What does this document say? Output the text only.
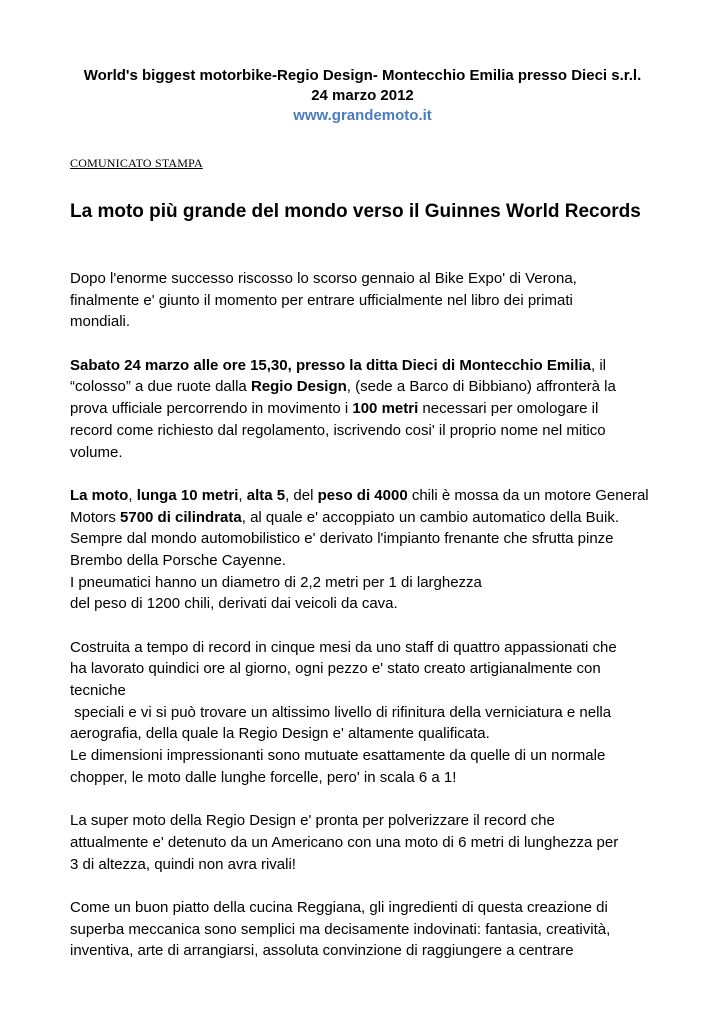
World's biggest motorbike-Regio Design- Montecchio Emilia presso Dieci s.r.l.
24 marzo 2012
www.grandemoto.it
COMUNICATO STAMPA
La moto più grande del mondo verso il Guinnes World Records
Dopo l'enorme successo riscosso lo scorso gennaio al Bike Expo' di Verona,
finalmente e' giunto il momento per entrare ufficialmente nel libro dei primati
mondiali.
Sabato 24 marzo alle ore 15,30, presso la ditta Dieci di Montecchio Emilia, il
“colosso” a due ruote dalla Regio Design, (sede a Barco di Bibbiano) affronterà la
prova ufficiale percorrendo in movimento i 100 metri necessari per omologare il
record come richiesto dal regolamento, iscrivendo cosi' il proprio nome nel mitico
volume.
La moto, lunga 10 metri, alta 5, del peso di 4000 chili è mossa da un motore General
Motors 5700 di cilindrata, al quale e' accoppiato un cambio automatico della Buik.
Sempre dal mondo automobilistico e' derivato l'impianto frenante che sfrutta pinze
Brembo della Porsche Cayenne.
I pneumatici hanno un diametro di 2,2 metri per 1 di larghezza
del peso di 1200 chili, derivati dai veicoli da cava.
Costruita a tempo di record in cinque mesi da uno staff di quattro appassionati che
ha lavorato quindici ore al giorno, ogni pezzo e' stato creato artigianalmente con
tecniche
speciali e vi si può trovare un altissimo livello di rifinitura della verniciatura e nella
aerografia, della quale la Regio Design e' altamente qualificata.
Le dimensioni impressionanti sono mutuate esattamente da quelle di un normale
chopper, le moto dalle lunghe forcelle, pero' in scala 6 a 1!
La super moto della Regio Design e' pronta per polverizzare il record che
attualmente e' detenuto da un Americano con una moto di 6 metri di lunghezza per
3 di altezza, quindi non avra rivali!
Come un buon piatto della cucina Reggiana, gli ingredienti di questa creazione di
superba meccanica sono semplici ma decisamente indovinati: fantasia, creatività,
inventiva, arte di arrangiarsi, assoluta convinzione di raggiungere a centrare
